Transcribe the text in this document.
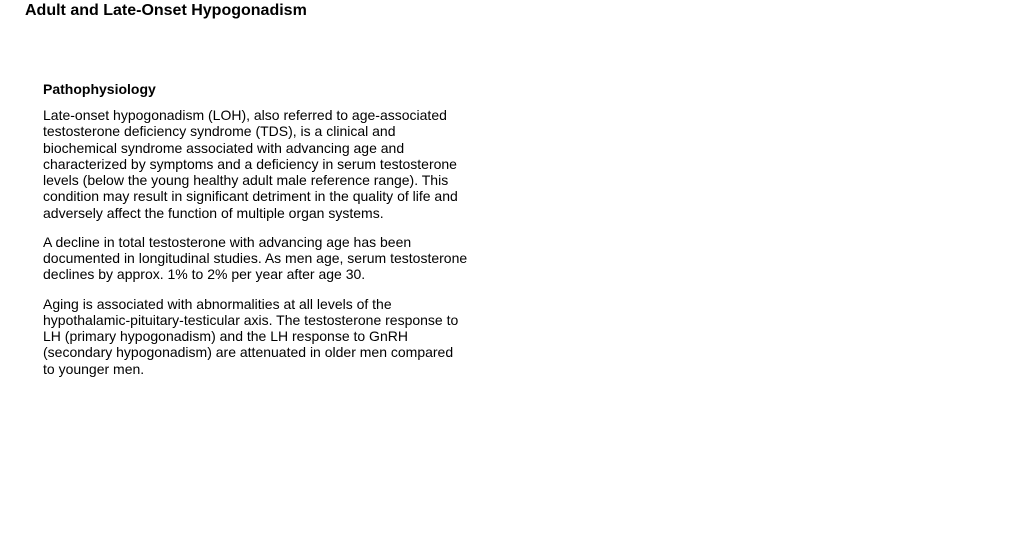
Adult and Late-Onset Hypogonadism
Pathophysiology

Late-onset hypogonadism (LOH), also referred to age-associated
testosterone deficiency syndrome (TDS), is a clinical and
biochemical syndrome associated with advancing age and
characterized by symptoms and a deficiency in serum testosterone
levels (below the young healthy adult male reference range). This
condition may result in significant detriment in the quality of life and
adversely affect the function of multiple organ systems.

A decline in total testosterone with advancing age has been
documented in longitudinal studies. As men age, serum testosterone
declines by approx. 1% to 2% per year after age 30.

Aging is associated with abnormalities at all levels of the
hypothalamic-pituitary-testicular axis. The testosterone response to
LH (primary hypogonadism) and the LH response to GnRH
(secondary hypogonadism) are attenuated in older men compared
to younger men.
